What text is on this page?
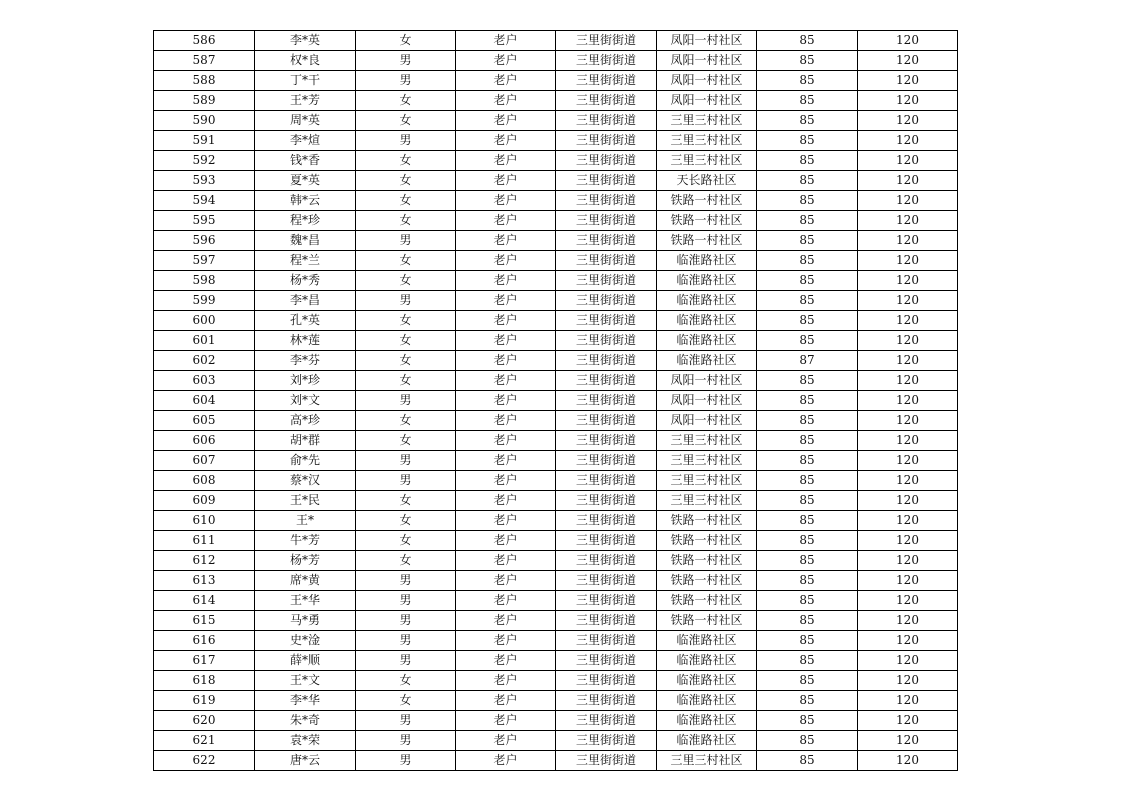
586	李*英	女	老户	三里街街道	凤阳一村社区	85	120
587	权*良	男	老户	三里街街道	凤阳一村社区	85	120
588	丁*干	男	老户	三里街街道	凤阳一村社区	85	120
589	王*芳	女	老户	三里街街道	凤阳一村社区	85	120
590	周*英	女	老户	三里街街道	三里三村社区	85	120
591	李*煊	男	老户	三里街街道	三里三村社区	85	120
592	钱*香	女	老户	三里街街道	三里三村社区	85	120
593	夏*英	女	老户	三里街街道	天长路社区	85	120
594	韩*云	女	老户	三里街街道	铁路一村社区	85	120
595	程*珍	女	老户	三里街街道	铁路一村社区	85	120
596	魏*昌	男	老户	三里街街道	铁路一村社区	85	120
597	程*兰	女	老户	三里街街道	临淮路社区	85	120
598	杨*秀	女	老户	三里街街道	临淮路社区	85	120
599	李*昌	男	老户	三里街街道	临淮路社区	85	120
600	孔*英	女	老户	三里街街道	临淮路社区	85	120
601	林*莲	女	老户	三里街街道	临淮路社区	85	120
602	李*芬	女	老户	三里街街道	临淮路社区	87	120
603	刘*珍	女	老户	三里街街道	凤阳一村社区	85	120
604	刘*文	男	老户	三里街街道	凤阳一村社区	85	120
605	高*珍	女	老户	三里街街道	凤阳一村社区	85	120
606	胡*群	女	老户	三里街街道	三里三村社区	85	120
607	俞*先	男	老户	三里街街道	三里三村社区	85	120
608	蔡*汉	男	老户	三里街街道	三里三村社区	85	120
609	王*民	女	老户	三里街街道	三里三村社区	85	120
610	王*	女	老户	三里街街道	铁路一村社区	85	120
611	牛*芳	女	老户	三里街街道	铁路一村社区	85	120
612	杨*芳	女	老户	三里街街道	铁路一村社区	85	120
613	席*黄	男	老户	三里街街道	铁路一村社区	85	120
614	王*华	男	老户	三里街街道	铁路一村社区	85	120
615	马*勇	男	老户	三里街街道	铁路一村社区	85	120
616	史*淦	男	老户	三里街街道	临淮路社区	85	120
617	薛*顺	男	老户	三里街街道	临淮路社区	85	120
618	王*文	女	老户	三里街街道	临淮路社区	85	120
619	李*华	女	老户	三里街街道	临淮路社区	85	120
620	朱*奇	男	老户	三里街街道	临淮路社区	85	120
621	袁*荣	男	老户	三里街街道	临淮路社区	85	120
622	唐*云	男	老户	三里街街道	三里三村社区	85	120
